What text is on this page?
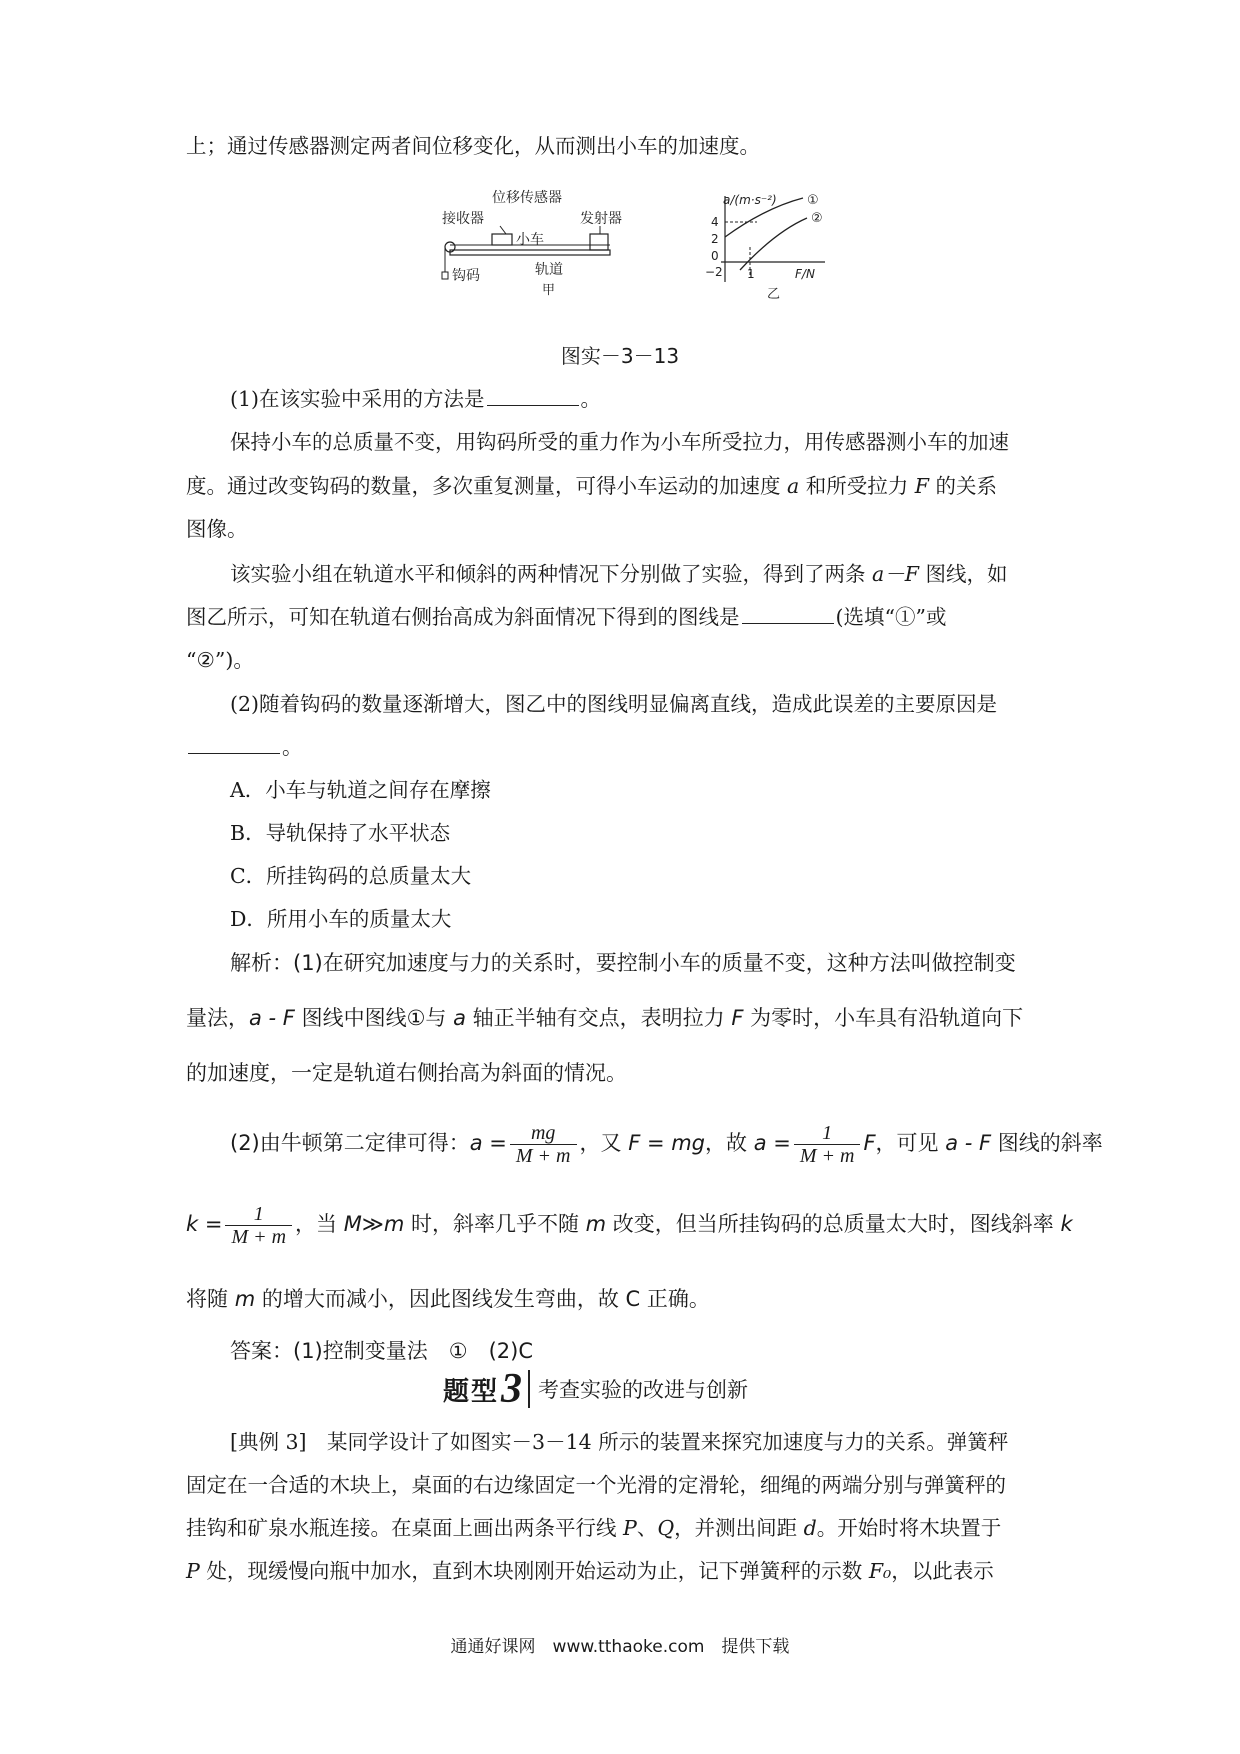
上；通过传感器测定两者间位移变化，从而测出小车的加速度。
位移传感器
接收器	发射器
小车
钩码	轨道
甲
a/(m·s⁻²)
F/N
4
2
0
−2 1
①
②
乙
图实－3－13
(1)在该实验中采用的方法是	。
保持小车的总质量不变，用钩码所受的重力作为小车所受拉力，用传感器测小车的加速
度。通过改变钩码的数量，多次重复测量，可得小车运动的加速度 a 和所受拉力 F 的关系
图像。
该实验小组在轨道水平和倾斜的两种情况下分别做了实验，得到了两条 a－F 图线，如
图乙所示，可知在轨道右侧抬高成为斜面情况下得到的图线是	(选填“①”或
“②”)。
(2)随着钩码的数量逐渐增大，图乙中的图线明显偏离直线，造成此误差的主要原因是
。
A．小车与轨道之间存在摩擦
B．导轨保持了水平状态
C．所挂钩码的总质量太大
D．所用小车的质量太大
解析：(1)在研究加速度与力的关系时，要控制小车的质量不变，这种方法叫做控制变
量法，a - F 图线中图线①与 a 轴正半轴有交点，表明拉力 F 为零时，小车具有沿轨道向下
的加速度，一定是轨道右侧抬高为斜面的情况。
(2)由牛顿第二定律可得：$a = \frac{mg}{M + m}$ ，又 F = mg，故 $a = \frac{1}{M + m}$ F，可见 a - F 图线的斜率
$k = \frac{1}{M + m}$ ，当 M≫m 时，斜率几乎不随 m 改变，但当所挂钩码的总质量太大时，图线斜率 k
将随 m 的增大而减小，因此图线发生弯曲，故 C 正确。
答案：(1)控制变量法　①　(2)C
题型 3 考查实验的改进与创新
[典例 3]　某同学设计了如图实－3－14 所示的装置来探究加速度与力的关系。弹簧秤
固定在一合适的木块上，桌面的右边缘固定一个光滑的定滑轮，细绳的两端分别与弹簧秤的
挂钩和矿泉水瓶连接。在桌面上画出两条平行线 P、Q，并测出间距 d。开始时将木块置于
P 处，现缓慢向瓶中加水，直到木块刚刚开始运动为止，记下弹簧秤的示数 F₀，以此表示
通通好课网　www.tthaoke.com　提供下载
